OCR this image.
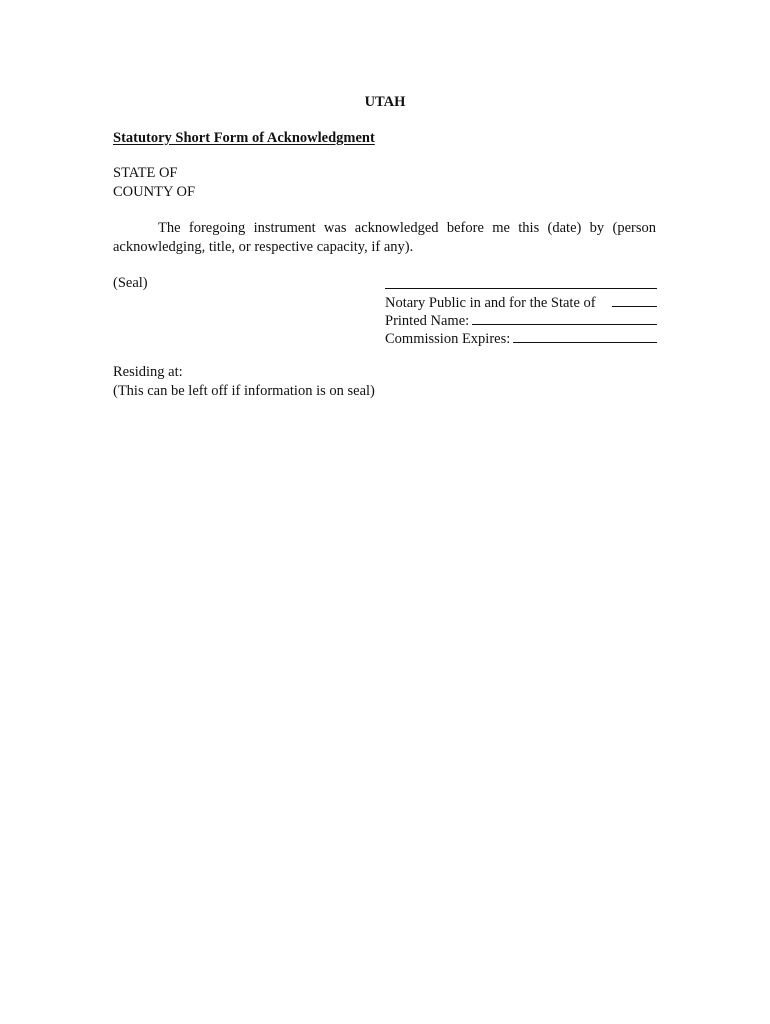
UTAH
Statutory Short Form of Acknowledgment
STATE OF
COUNTY OF

The foregoing instrument was acknowledged before me this (date) by (person acknowledging, title, or respective capacity, if any).

(Seal)
Notary Public in and for the State of
Printed Name:
Commission Expires:
Residing at:
(This can be left off if information is on seal)
